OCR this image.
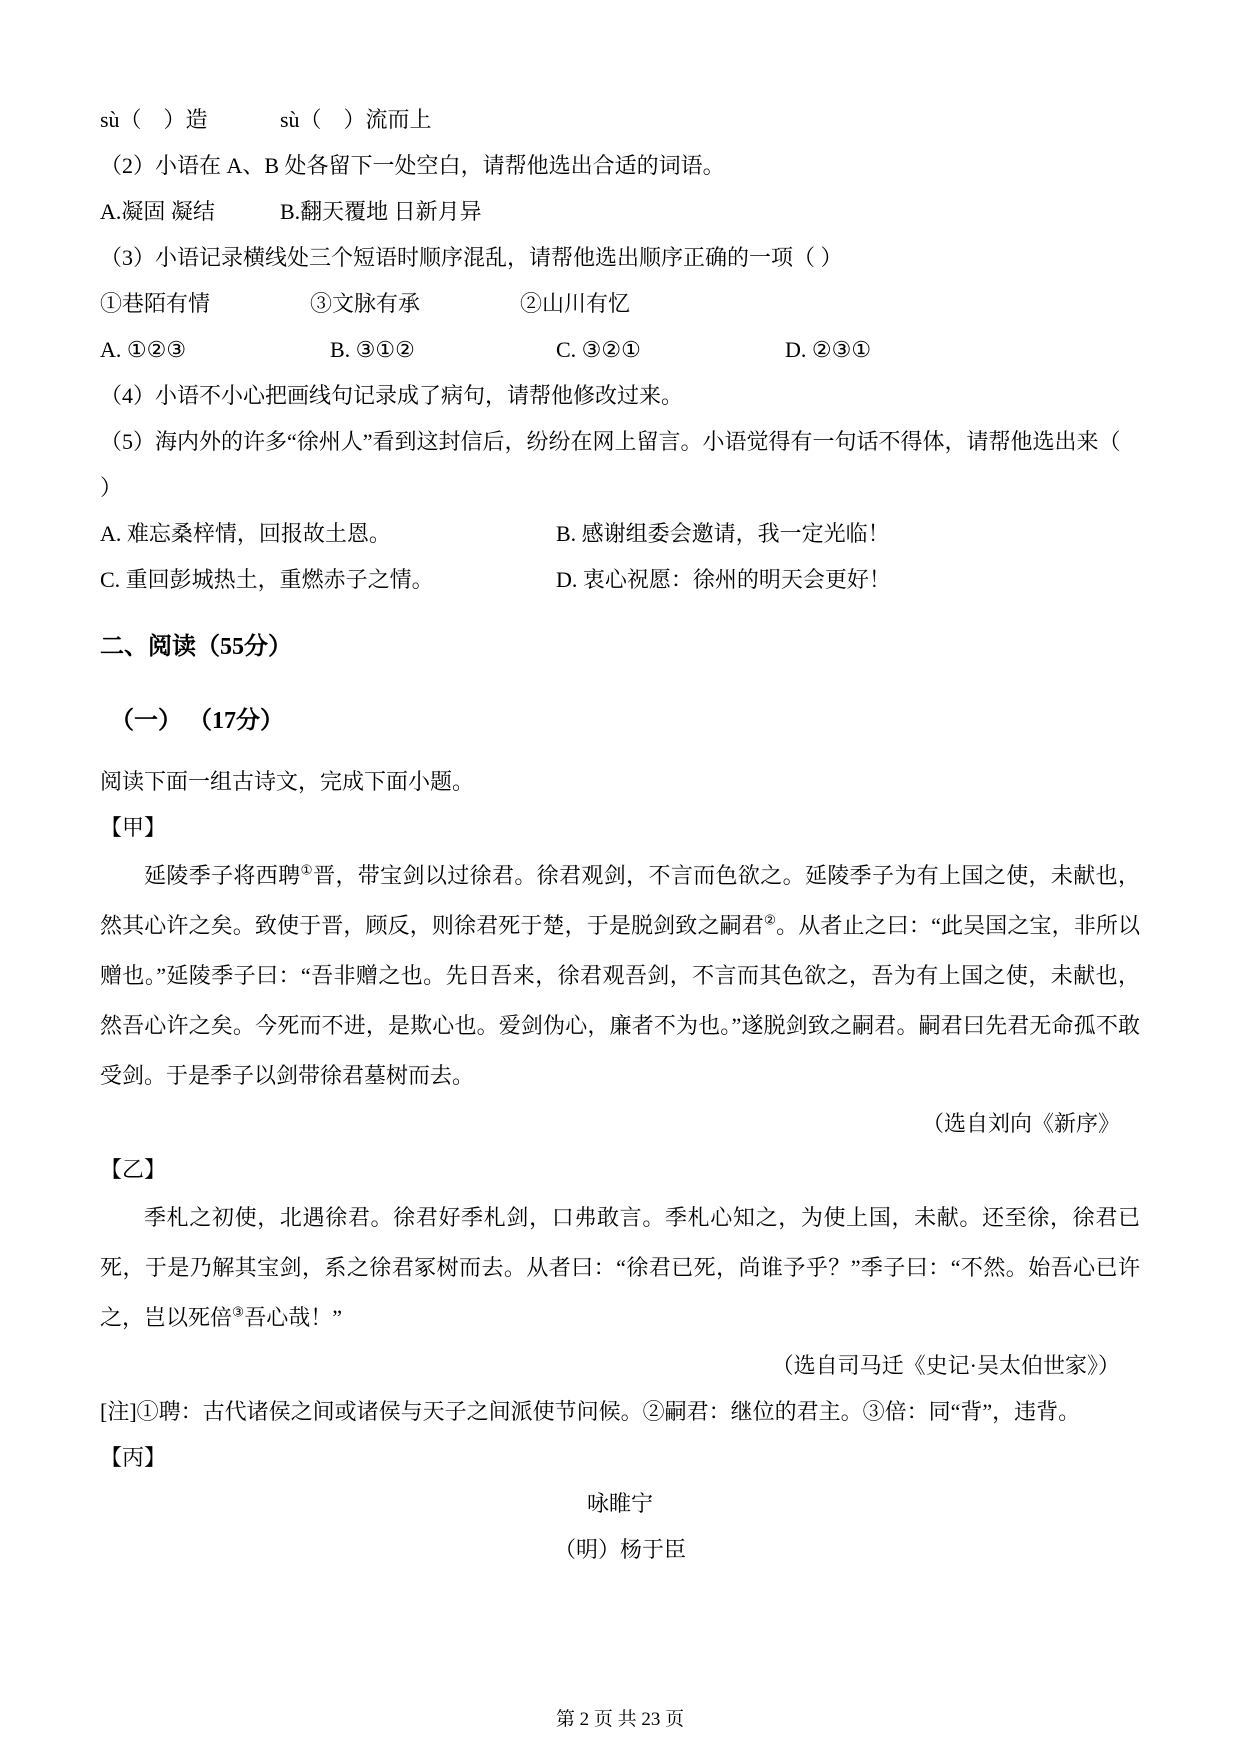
sù（　）造	sù（　）流而上

（2）小语在 A、B 处各留下一处空白，请帮他选出合适的词语。

A.凝固 凝结	B.翻天覆地 日新月异

（3）小语记录横线处三个短语时顺序混乱，请帮他选出顺序正确的一项（ ）

①巷陌有情	③文脉有承	②山川有忆
A. ①②③	B. ③①②	C. ③②①	D. ②③①

（4）小语不小心把画线句记录成了病句，请帮他修改过来。

（5）海内外的许多“徐州人”看到这封信后，纷纷在网上留言。小语觉得有一句话不得体，请帮他选出来（

）

A. 难忘桑梓情，回报故土恩。	B. 感谢组委会邀请，我一定光临！
C. 重回彭城热土，重燃赤子之情。	D. 衷心祝愿：徐州的明天会更好！
二、阅读（55分）
（一） （17分）

阅读下面一组古诗文，完成下面小题。

【甲】

延陵季子将西聘①晋，带宝剑以过徐君。徐君观剑，不言而色欲之。延陵季子为有上国之使，未献也，然其心许之矣。致使于晋，顾反，则徐君死于楚，于是脱剑致之嗣君②。从者止之曰：“此吴国之宝，非所以赠也。”延陵季子曰：“吾非赠之也。先日吾来，徐君观吾剑，不言而其色欲之，吾为有上国之使，未献也，然吾心许之矣。今死而不进，是欺心也。爱剑伪心，廉者不为也。”遂脱剑致之嗣君。嗣君曰先君无命孤不敢受剑。于是季子以剑带徐君墓树而去。

（选自刘向《新序》

【乙】

季札之初使，北遇徐君。徐君好季札剑，口弗敢言。季札心知之，为使上国，未献。还至徐，徐君已死，于是乃解其宝剑，系之徐君冢树而去。从者曰：“徐君已死，尚谁予乎？”季子曰：“不然。始吾心已许之，岂以死倍③吾心哉！”

（选自司马迁《史记·吴太伯世家》）

[注]①聘：古代诸侯之间或诸侯与天子之间派使节问候。②嗣君：继位的君主。③倍：同“背”，违背。

【丙】

咏睢宁

（明）杨于臣

第 2 页 共 23 页
